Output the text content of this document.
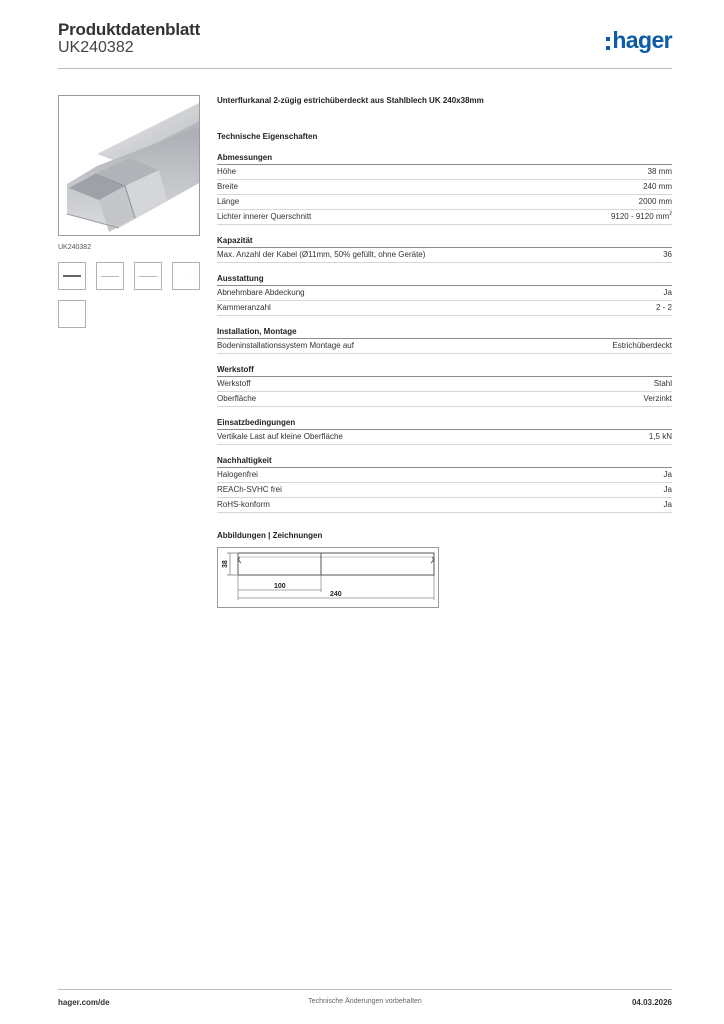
Produktdatenblatt
UK240382	hager
UK240382
·
·
Unterflurkanal 2-zügig estrichüberdeckt aus Stahlblech UK 240x38mm
Technische Eigenschaften
Abmessungen
Höhe	38 mm
Breite	240 mm
Länge	2000 mm
Lichter innerer Querschnitt	9120 - 9120 $mm^2$
Kapazität
Max. Anzahl der Kabel (Ø11mm, 50% gefüllt, ohne Geräte)	36
Ausstattung
Abnehmbare Abdeckung	Ja
Kammeranzahl	2 - 2
Installation, Montage
Bodeninstallationssystem Montage auf	Estrichüberdeckt
Werkstoff
Werkstoff	Stahl
Oberfläche	Verzinkt
Einsatzbedingungen
Vertikale Last auf kleine Oberfläche	1,5 kN
Nachhaltigkeit
Halogenfrei	Ja
REACh-SVHC frei	Ja
RoHS-konform	Ja
Abbildungen | Zeichnungen
38
100
240
hager.com/de	Technische Änderungen vorbehalten	04.03.2026
